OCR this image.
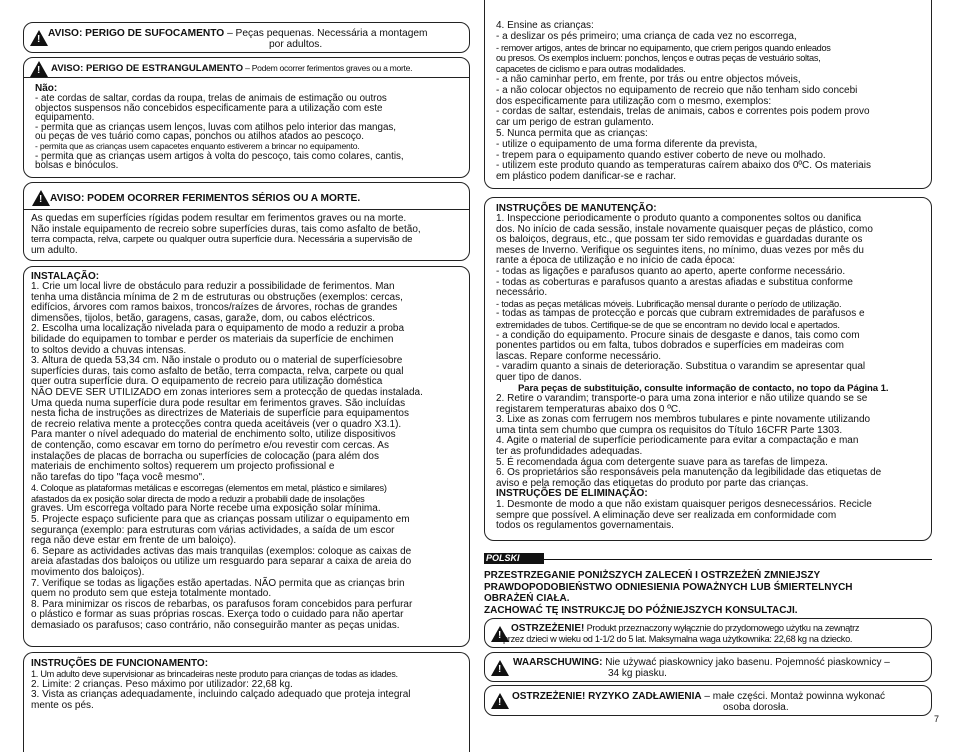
!
AVISO: PERIGO DE SUFOCAMENTO – Peças pequenas. Necessária a montagem
por adultos.
!
AVISO: PERIGO DE ESTRANGULAMENTO – Podem ocorrer ferimentos graves ou a morte.
Não:
- ate cordas de saltar, cordas da roupa, trelas de animais de estimação ou outros
objectos suspensos não concebidos especificamente para a utilização com este
equipamento.
- permita que as crianças usem lenços, luvas com atilhos pelo interior das mangas,
ou peças de ves tuário como capas, ponchos ou atilhos atados ao pescoço.
- permita que as crianças usem capacetes enquanto estiverem a brincar no equipamento.
- permita que as crianças usem artigos à volta do pescoço, tais como colares, cantis,
bolsas e binóculos.
!
AVISO: PODEM OCORRER FERIMENTOS SÉRIOS OU A MORTE.
As quedas em superfícies rígidas podem resultar em ferimentos graves ou na morte.
Não instale equipamento de recreio sobre superfícies duras, tais como asfalto de betão,
terra compacta, relva, carpete ou qualquer outra superfície dura. Necessária a supervisão de
um adulto.
INSTALAÇÃO:
1. Crie um local livre de obstáculo para reduzir a possibilidade de ferimentos. Man
tenha uma distância mínima de 2 m de estruturas ou obstruções (exemplos: cercas,
edifícios, árvores com ramos baixos, troncos/raízes de árvores, rochas de grandes
dimensões, tijolos, betão, garagens, casas, garaže, dom, ou cabos eléctricos.
2. Escolha uma localização nivelada para o equipamento de modo a reduzir a proba
bilidade do equipamen to tombar e perder os materiais da superfície de enchimen
to soltos devido a chuvas intensas.
3. Altura de queda 53,34 cm. Não instale o produto ou o material de superfíciesobre
superfícies duras, tais como asfalto de betão, terra compacta, relva, carpete ou qual
quer outra superfície dura. O equipamento de recreio para utilização doméstica
NÃO DEVE SER UTILIZADO em zonas interiores sem a protecção de quedas instalada.
Uma queda numa superfície dura pode resultar em ferimentos graves. São incluídas
nesta ficha de instruções as directrizes de Materiais de superfície para equipamentos
de recreio relativa mente a protecções contra queda aceitáveis (ver o quadro X3.1).
Para manter o nível adequado do material de enchimento solto, utilize dispositivos
de contenção, como escavar em torno do perímetro e/ou revestir com cercas. As
instalações de placas de borracha ou superfícies de colocação (para além dos
materiais de enchimento soltos) requerem um projecto profissional e
não tarefas do tipo "faça você mesmo".
4. Coloque as plataformas metálicas e escorregas (elementos em metal, plástico e similares)
afastados da ex posição solar directa de modo a reduzir a probabili dade de insolações
graves. Um escorrega voltado para Norte recebe uma exposição solar mínima.
5. Projecte espaço suficiente para que as crianças possam utilizar o equipamento em
segurança (exemplo: para estruturas com várias actividades, a saída de um escor
rega não deve estar em frente de um baloiço).
6. Separe as actividades activas das mais tranquilas (exemplos: coloque as caixas de
areia afastadas dos baloiços ou utilize um resguardo para separar a caixa de areia do
movimento dos baloiços).
7. Verifique se todas as ligações estão apertadas. NÃO permita que as crianças brin
quem no produto sem que esteja totalmente montado.
8. Para minimizar os riscos de rebarbas, os parafusos foram concebidos para perfurar
o plástico e formar as suas próprias roscas. Exerça todo o cuidado para não apertar
demasiado os parafusos; caso contrário, não conseguirão manter as peças unidas.
INSTRUÇÕES DE FUNCIONAMENTO:
1. Um adulto deve supervisionar as brincadeiras neste produto para crianças de todas as idades.
2. Limite: 2 crianças. Peso máximo por utilizador: 22,68 kg.
3. Vista as crianças adequadamente, incluindo calçado adequado que proteja integral
mente os pés.
4. Ensine as crianças:
- a deslizar os pés primeiro; uma criança de cada vez no escorrega,
- remover artigos, antes de brincar no equipamento, que criem perigos quando enleados
ou presos. Os exemplos incluem: ponchos, lenços e outras peças de vestuário soltas,
capacetes de ciclismo e para outras modalidades.
- a não caminhar perto, em frente, por trás ou entre objectos móveis,
- a não colocar objectos no equipamento de recreio que não tenham sido concebi
dos especificamente para utilização com o mesmo, exemplos:
- cordas de saltar, estendais, trelas de animais, cabos e correntes pois podem provo
car um perigo de estran gulamento.
5. Nunca permita que as crianças:
- utilize o equipamento de uma forma diferente da prevista,
- trepem para o equipamento quando estiver coberto de neve ou molhado.
- utilizem este produto quando as temperaturas caírem abaixo dos 0ºC. Os materiais
em plástico podem danificar-se e rachar.
INSTRUÇÕES DE MANUTENÇÃO:
1. Inspeccione periodicamente o produto quanto a componentes soltos ou danifica
dos. No início de cada sessão, instale novamente quaisquer peças de plástico, como
os baloiços, degraus, etc., que possam ter sido removidas e guardadas durante os
meses de Inverno. Verifique os seguintes itens, no mínimo, duas vezes por mês du
rante a época de utilização e no início de cada época:
- todas as ligações e parafusos quanto ao aperto, aperte conforme necessário.
- todas as coberturas e parafusos quanto a arestas afiadas e substitua conforme
necessário.
- todas as peças metálicas móveis. Lubrificação mensal durante o período de utilização.
- todas as tampas de protecção e porcas que cubram extremidades de parafusos e
extremidades de tubos. Certifique-se de que se encontram no devido local e apertados.
- a condição do equipamento. Procure sinais de desgaste e danos, tais como com
ponentes partidos ou em falta, tubos dobrados e superfícies em madeiras com
lascas. Repare conforme necessário.
- varadim quanto a sinais de deterioração. Substitua o varandim se apresentar qual
quer tipo de danos.
Para peças de substituição, consulte informação de contacto, no topo da Página 1.
2. Retire o varandim; transporte-o para uma zona interior e não utilize quando se se
registarem temperaturas abaixo dos 0 ºC.
3. Lixe as zonas com ferrugem nos membros tubulares e pinte novamente utilizando
uma tinta sem chumbo que cumpra os requisitos do Título 16CFR Parte 1303.
4. Agite o material de superfície periodicamente para evitar a compactação e man
ter as profundidades adequadas.
5. É recomendada água com detergente suave para as tarefas de limpeza.
6. Os proprietários são responsáveis pela manutenção da legibilidade das etiquetas de
aviso e pela remoção das etiquetas do produto por parte das crianças.
INSTRUÇÕES DE ELIMINAÇÃO:
1. Desmonte de modo a que não existam quaisquer perigos desnecessários. Recicle
sempre que possível. A eliminação deve ser realizada em conformidade com
todos os regulamentos governamentais.
POLSKI
PRZESTRZEGANIE PONIŻSZYCH ZALECEŃ I OSTRZEŻEŃ ZMNIEJSZY
PRAWDOPODOBIEŃSTWO ODNIESIENIA POWAŻNYCH LUB ŚMIERTELNYCH
OBRAŻEŃ CIAŁA.
ZACHOWAĆ TĘ INSTRUKCJĘ DO PÓŹNIEJSZYCH KONSULTACJI.
!
OSTRZEŻENIE! Produkt przeznaczony wyłącznie do przydomowego użytku na zewnątrz
przez dzieci w wieku od 1-1/2 do 5 lat. Maksymalna waga użytkownika: 22,68 kg na dziecko.
!
WAARSCHUWING: Nie używać piaskownicy jako basenu. Pojemność piaskownicy –
34 kg piasku.
!
OSTRZEŻENIE! RYZYKO ZADŁAWIENIA – małe części. Montaż powinna wykonać
osoba dorosła.
7
